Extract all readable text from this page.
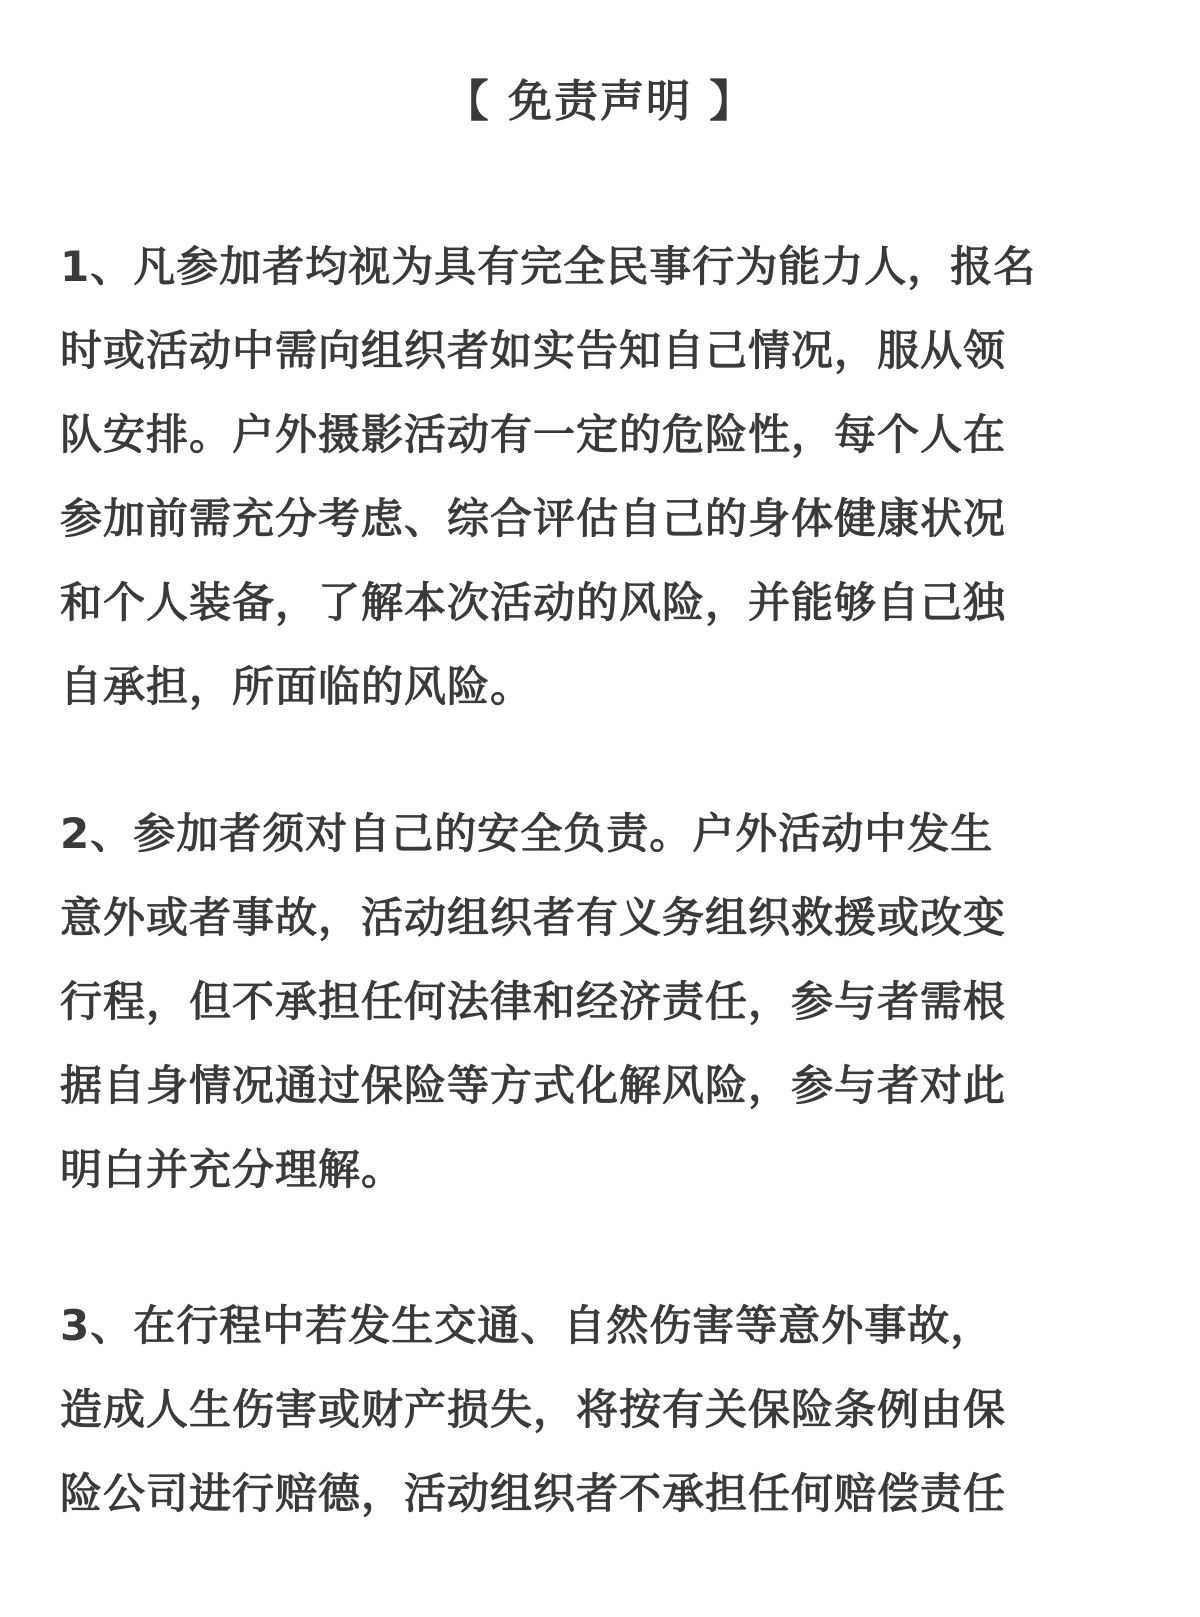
【 免责声明 】
1、凡参加者均视为具有完全民事行为能力人，报名
时或活动中需向组织者如实告知自己情况，服从领
队安排。户外摄影活动有一定的危险性，每个人在
参加前需充分考虑、综合评估自己的身体健康状况
和个人装备，了解本次活动的风险，并能够自己独
自承担，所面临的风险。
2、参加者须对自己的安全负责。户外活动中发生
意外或者事故，活动组织者有义务组织救援或改变
行程，但不承担任何法律和经济责任，参与者需根
据自身情况通过保险等方式化解风险，参与者对此
明白并充分理解。
3、在行程中若发生交通、自然伤害等意外事故，
造成人生伤害或财产损失，将按有关保险条例由保
险公司进行赔德，活动组织者不承担任何赔偿责任
